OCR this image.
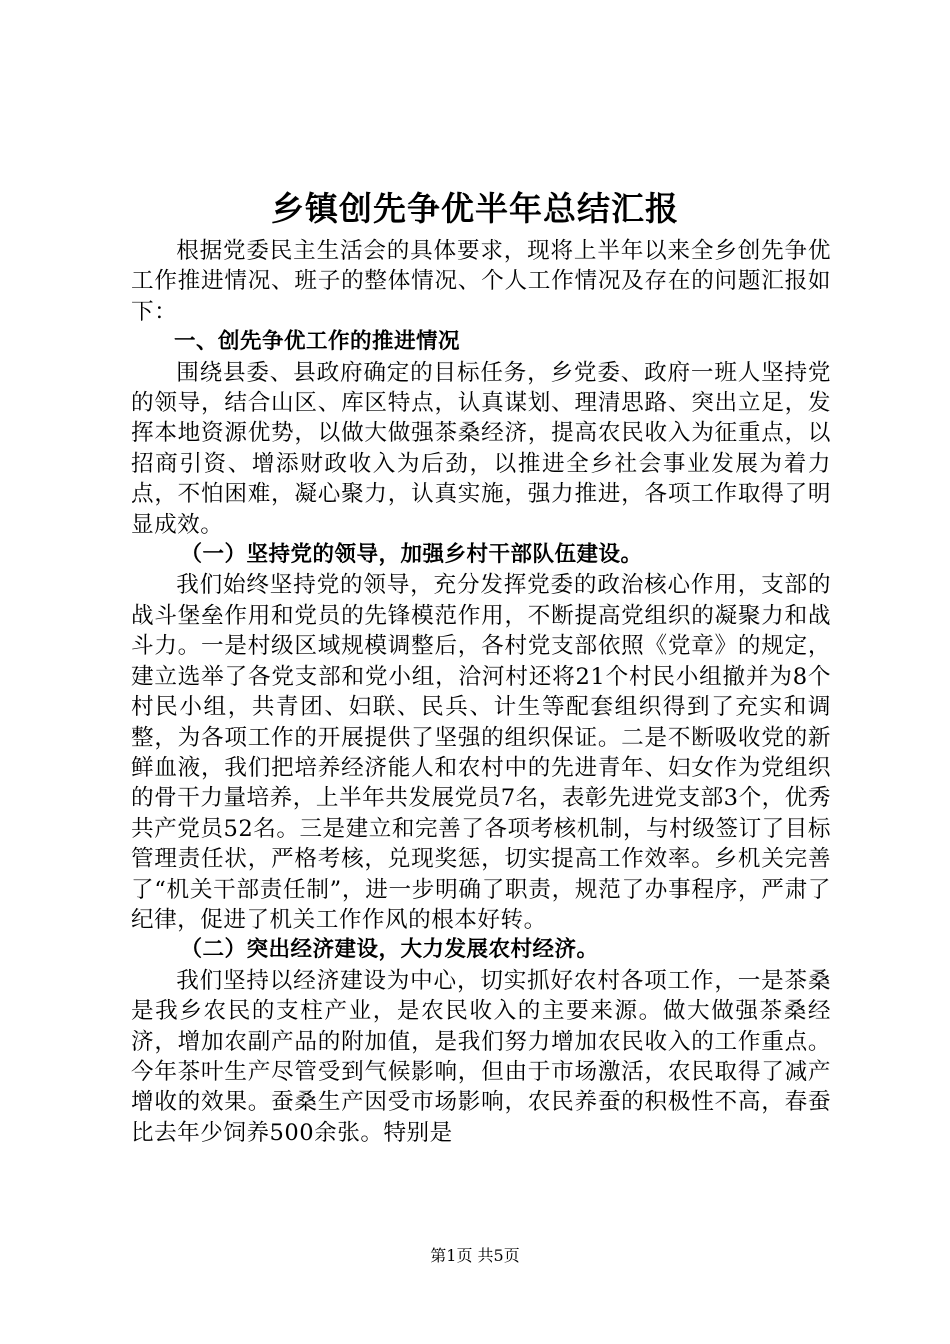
乡镇创先争优半年总结汇报

根据党委民主生活会的具体要求，现将上半年以来全乡创先争优工作推进情况、班子的整体情况、个人工作情况及存在的问题汇报如下：

一、创先争优工作的推进情况

围绕县委、县政府确定的目标任务，乡党委、政府一班人坚持党的领导，结合山区、库区特点，认真谋划、理清思路、突出立足，发挥本地资源优势，以做大做强茶桑经济，提高农民收入为征重点，以招商引资、增添财政收入为后劲，以推进全乡社会事业发展为着力点，不怕困难，凝心聚力，认真实施，强力推进，各项工作取得了明显成效。

（一）坚持党的领导，加强乡村干部队伍建设。

我们始终坚持党的领导，充分发挥党委的政治核心作用，支部的战斗堡垒作用和党员的先锋模范作用，不断提高党组织的凝聚力和战斗力。一是村级区域规模调整后，各村党支部依照《党章》的规定，建立选举了各党支部和党小组，洽河村还将21个村民小组撤并为8个村民小组，共青团、妇联、民兵、计生等配套组织得到了充实和调整，为各项工作的开展提供了坚强的组织保证。二是不断吸收党的新鲜血液，我们把培养经济能人和农村中的先进青年、妇女作为党组织的骨干力量培养，上半年共发展党员7名，表彰先进党支部3个，优秀共产党员52名。三是建立和完善了各项考核机制，与村级签订了目标管理责任状，严格考核，兑现奖惩，切实提高工作效率。乡机关完善了“机关干部责任制”，进一步明确了职责，规范了办事程序，严肃了纪律，促进了机关工作作风的根本好转。

（二）突出经济建设，大力发展农村经济。

我们坚持以经济建设为中心，切实抓好农村各项工作，一是茶桑是我乡农民的支柱产业，是农民收入的主要来源。做大做强茶桑经济，增加农副产品的附加值，是我们努力增加农民收入的工作重点。今年茶叶生产尽管受到气候影响，但由于市场激活，农民取得了减产增收的效果。蚕桑生产因受市场影响，农民养蚕的积极性不高，春蚕比去年少饲养500余张。特别是

第1页 共5页
